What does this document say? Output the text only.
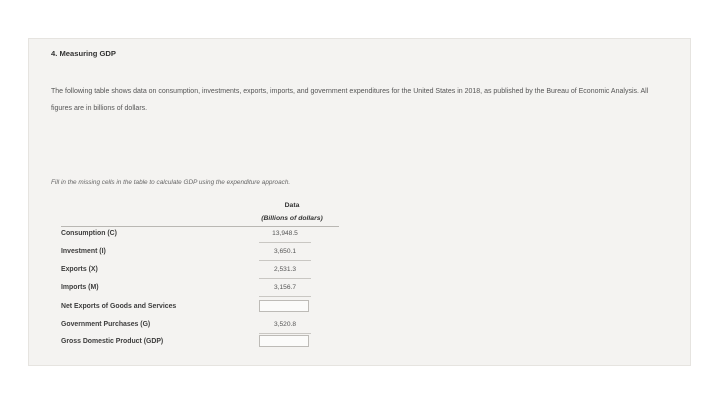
4. Measuring GDP
The following table shows data on consumption, investments, exports, imports, and government expenditures for the United States in 2018, as published by the Bureau of Economic Analysis. All figures are in billions of dollars.
Fill in the missing cells in the table to calculate GDP using the expenditure approach.
Data
(Billions of dollars)
Consumption (C)	13,948.5
Investment (I)	3,650.1
Exports (X)	2,531.3
Imports (M)	3,156.7
Net Exports of Goods and Services
Government Purchases (G)	3,520.8
Gross Domestic Product (GDP)
